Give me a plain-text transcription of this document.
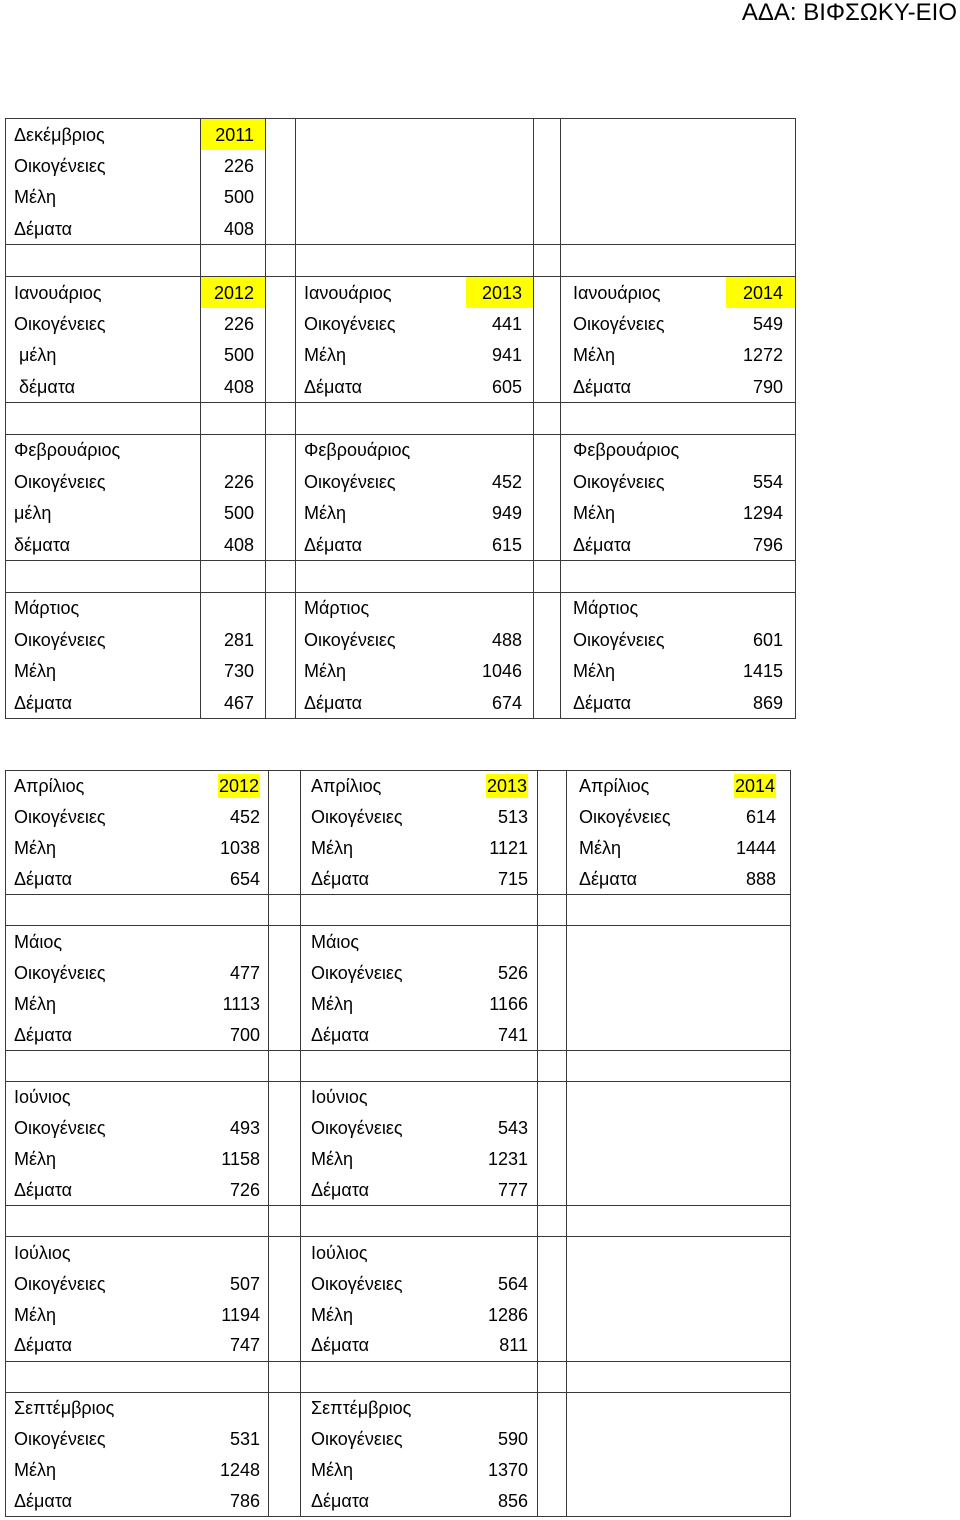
ΑΔΑ: ΒΙΦΣΩΚΥ-ΕΙΟ
Δεκέμβριος	2011						
Οικογένειες	226						
Μέλη	500						
Δέματα	408						

Ιανουάριος	2012		Ιανουάριος	2013		Ιανουάριος	2014
Οικογένειες	226		Οικογένειες	441		Οικογένειες	549
μέλη	500		Μέλη	941		Μέλη	1272
δέματα	408		Δέματα	605		Δέματα	790

Φεβρουάριος			Φεβρουάριος			Φεβρουάριος	
Οικογένειες	226		Οικογένειες	452		Οικογένειες	554
μέλη	500		Μέλη	949		Μέλη	1294
δέματα	408		Δέματα	615		Δέματα	796

Μάρτιος			Μάρτιος			Μάρτιος	
Οικογένειες	281		Οικογένειες	488		Οικογένειες	601
Μέλη	730		Μέλη	1046		Μέλη	1415
Δέματα	467		Δέματα	674		Δέματα	869
Απρίλιος	2012		Απρίλιος	2013		Απρίλιος	2014
Οικογένειες	452		Οικογένειες	513		Οικογένειες	614
Μέλη	1038		Μέλη	1121		Μέλη	1444
Δέματα	654		Δέματα	715		Δέματα	888

Μάιος			Μάιος				
Οικογένειες	477		Οικογένειες	526			
Μέλη	1113		Μέλη	1166			
Δέματα	700		Δέματα	741			

Ιούνιος			Ιούνιος				
Οικογένειες	493		Οικογένειες	543			
Μέλη	1158		Μέλη	1231			
Δέματα	726		Δέματα	777			

Ιούλιος			Ιούλιος				
Οικογένειες	507		Οικογένειες	564			
Μέλη	1194		Μέλη	1286			
Δέματα	747		Δέματα	811			

Σεπτέμβριος			Σεπτέμβριος				
Οικογένειες	531		Οικογένειες	590			
Μέλη	1248		Μέλη	1370			
Δέματα	786		Δέματα	856			
